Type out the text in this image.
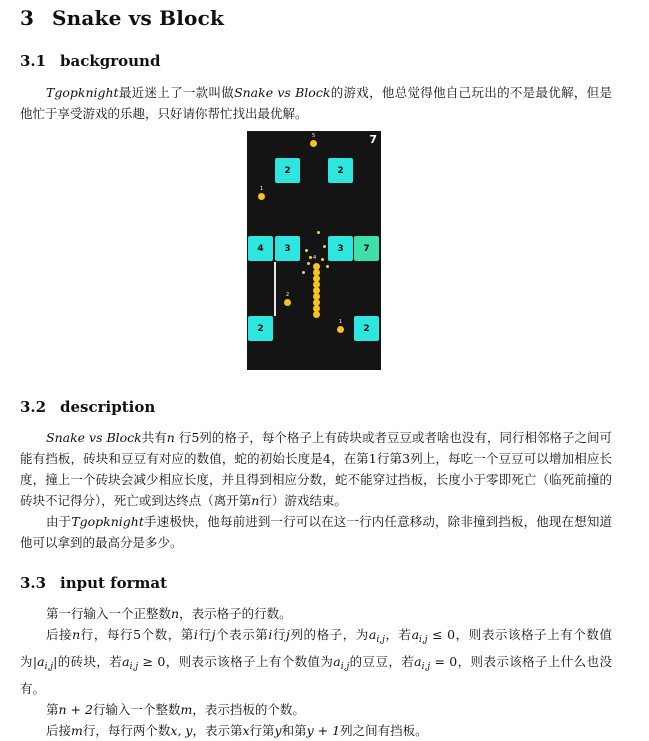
3 Snake vs Block
3.1 background

Tgopknight最近迷上了一款叫做Snake vs Block的游戏，他总觉得他自己玩出的不是最优解，但是他忙于享受游戏的乐趣，只好请你帮忙找出最优解。

7
2	2
4	3	3	7
2	2
5
1
2
1
4
3.2 description

Snake vs Block共有n 行5列的格子，每个格子上有砖块或者豆豆或者啥也没有，同行相邻格子之间可能有挡板，砖块和豆豆有对应的数值，蛇的初始长度是4，在第1行第3列上，每吃一个豆豆可以增加相应长度，撞上一个砖块会减少相应长度，并且得到相应分数，蛇不能穿过挡板，长度小于零即死亡（临死前撞的砖块不记得分），死亡或到达终点（离开第n行）游戏结束。

由于Tgopknight手速极快，他每前进到一行可以在这一行内任意移动，除非撞到挡板，他现在想知道他可以拿到的最高分是多少。

3.3 input format

第一行输入一个正整数n，表示格子的行数。

后接n行，每行5个数，第i行j个表示第i行j列的格子，为$a_{i,j}$，若$a_{i,j} \le 0$，则表示该格子上有个数值为$|a_{i,j}|$的砖块，若$a_{i,j} \ge 0$，则表示该格子上有个数值为$a_{i,j}$的豆豆，若$a_{i,j} = 0$，则表示该格子上什么也没有。

第n + 2行输入一个整数m，表示挡板的个数。

后接m行，每行两个数x, y，表示第x行第y和第y + 1列之间有挡板。
